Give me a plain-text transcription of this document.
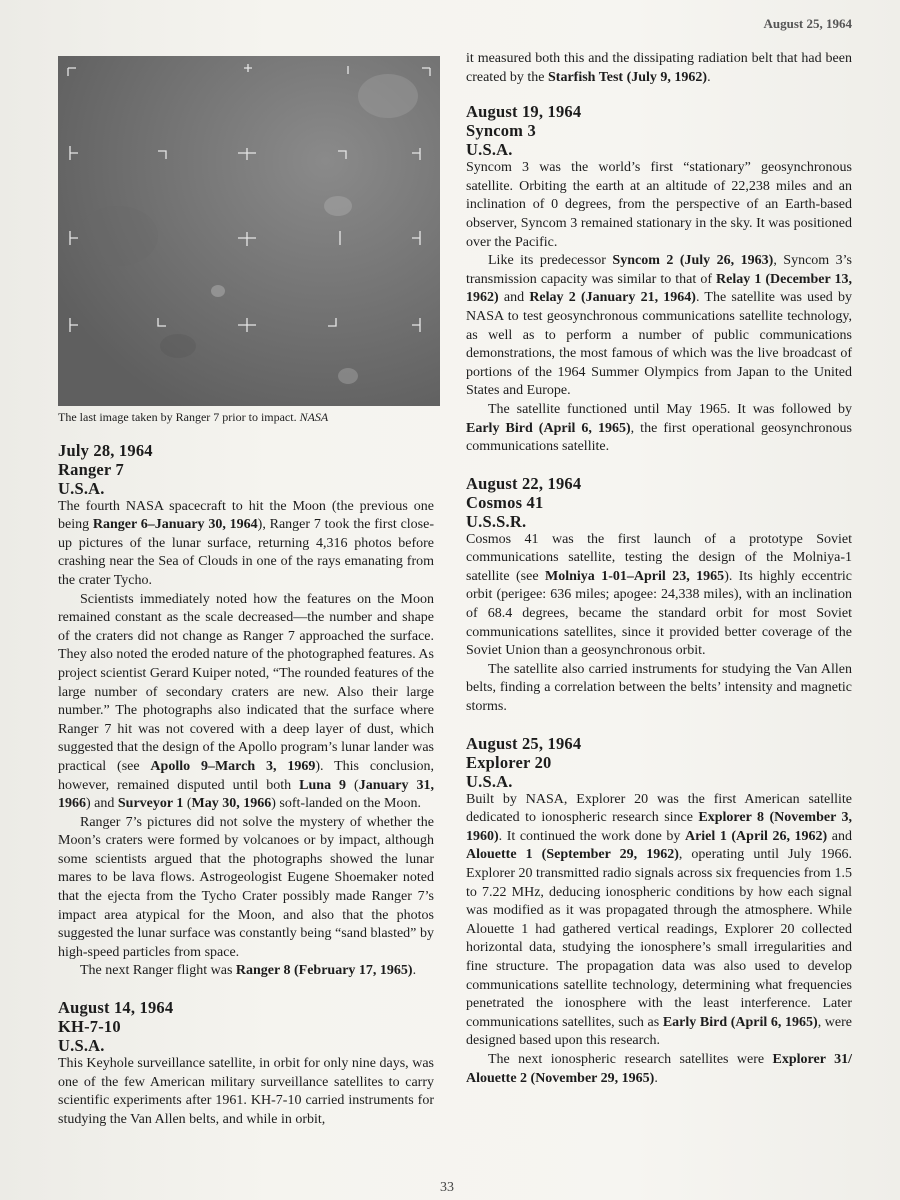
August 25, 1964
The last image taken by Ranger 7 prior to impact. NASA
July 28, 1964
Ranger 7
U.S.A.

The fourth NASA spacecraft to hit the Moon (the previous one being Ranger 6–January 30, 1964), Ranger 7 took the first close-up pictures of the lunar surface, returning 4,316 photos before crashing near the Sea of Clouds in one of the rays emanating from the crater Tycho.

Scientists immediately noted how the features on the Moon remained constant as the scale decreased—the number and shape of the craters did not change as Ranger 7 approached the surface. They also noted the eroded nature of the photographed features. As project scientist Gerard Kuiper noted, “The rounded features of the large number of secondary craters are new. Also their large number.” The photographs also indicated that the surface where Ranger 7 hit was not covered with a deep layer of dust, which suggested that the design of the Apollo program’s lunar lander was practical (see Apollo 9–March 3, 1969). This conclusion, however, remained disputed until both Luna 9 (January 31, 1966) and Surveyor 1 (May 30, 1966) soft-landed on the Moon.

Ranger 7’s pictures did not solve the mystery of whether the Moon’s craters were formed by volcanoes or by impact, although some scientists argued that the photographs showed the lunar mares to be lava flows. Astrogeologist Eugene Shoemaker noted that the ejecta from the Tycho Crater possibly made Ranger 7’s impact area atypical for the Moon, and also that the photos suggested the lunar surface was constantly being “sand blasted” by high-speed particles from space.

The next Ranger flight was Ranger 8 (February 17, 1965).

August 14, 1964
KH-7-10
U.S.A.

This Keyhole surveillance satellite, in orbit for only nine days, was one of the few American military surveillance satellites to carry scientific experiments after 1961. KH-7-10 carried instruments for studying the Van Allen belts, and while in orbit,

it measured both this and the dissipating radiation belt that had been created by the Starfish Test (July 9, 1962).

August 19, 1964
Syncom 3
U.S.A.

Syncom 3 was the world’s first “stationary” geosynchronous satellite. Orbiting the earth at an altitude of 22,238 miles and an inclination of 0 degrees, from the perspective of an Earth-based observer, Syncom 3 remained stationary in the sky. It was positioned over the Pacific.

Like its predecessor Syncom 2 (July 26, 1963), Syncom 3’s transmission capacity was similar to that of Relay 1 (December 13, 1962) and Relay 2 (January 21, 1964). The satellite was used by NASA to test geosynchronous communications satellite technology, as well as to perform a number of public communications demonstrations, the most famous of which was the live broadcast of portions of the 1964 Summer Olympics from Japan to the United States and Europe.

The satellite functioned until May 1965. It was followed by Early Bird (April 6, 1965), the first operational geosynchronous communications satellite.

August 22, 1964
Cosmos 41
U.S.S.R.

Cosmos 41 was the first launch of a prototype Soviet communications satellite, testing the design of the Molniya-1 satellite (see Molniya 1-01–April 23, 1965). Its highly eccentric orbit (perigee: 636 miles; apogee: 24,338 miles), with an inclination of 68.4 degrees, became the standard orbit for most Soviet communications satellites, since it provided better coverage of the Soviet Union than a geosynchronous orbit.

The satellite also carried instruments for studying the Van Allen belts, finding a correlation between the belts’ intensity and magnetic storms.

August 25, 1964
Explorer 20
U.S.A.

Built by NASA, Explorer 20 was the first American satellite dedicated to ionospheric research since Explorer 8 (November 3, 1960). It continued the work done by Ariel 1 (April 26, 1962) and Alouette 1 (September 29, 1962), operating until July 1966. Explorer 20 transmitted radio signals across six frequencies from 1.5 to 7.22 MHz, deducing ionospheric conditions by how each signal was modified as it was propagated through the atmosphere. While Alouette 1 had gathered vertical readings, Explorer 20 collected horizontal data, studying the ionosphere’s small irregularities and fine structure. The propagation data was also used to develop communications satellite technology, determining what frequencies penetrated the ionosphere with the least interference. Later communications satellites, such as Early Bird (April 6, 1965), were designed based upon this research.

The next ionospheric research satellites were Explorer 31/ Alouette 2 (November 29, 1965).

33
